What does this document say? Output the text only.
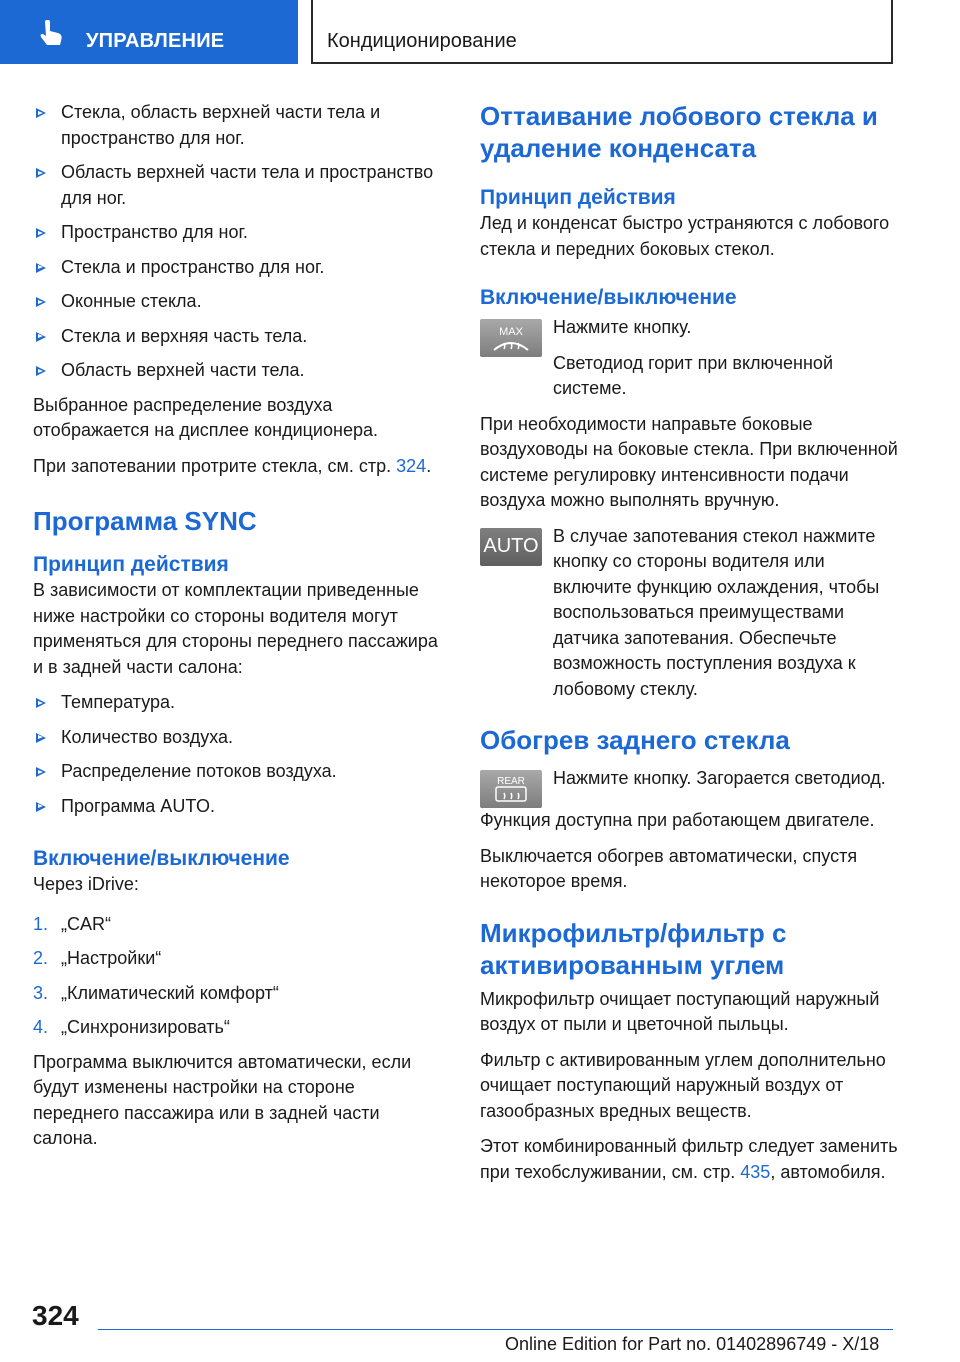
УПРАВЛЕНИЕ	Кондиционирование
Стекла, область верхней части тела и пространство для ног.
Область верхней части тела и пространство для ног.
Пространство для ног.
Стекла и пространство для ног.
Оконные стекла.
Стекла и верхняя часть тела.
Область верхней части тела.

Выбранное распределение воздуха отображается на дисплее кондиционера.

При запотевании протрите стекла, см. стр. 324.

Программа SYNC
Принцип действия

В зависимости от комплектации приведенные ниже настройки со стороны водителя могут применяться для стороны переднего пассажира и в задней части салона:

Температура.
Количество воздуха.
Распределение потоков воздуха.
Программа AUTO.
Включение/выключение

Через iDrive:

1. „CAR“
2. „Настройки“
3. „Климатический комфорт“
4. „Синхронизировать“

Программа выключится автоматически, если будут изменены настройки на стороне переднего пассажира или в задней части салона.

Оттаивание лобового стекла и удаление конденсата
Принцип действия

Лед и конденсат быстро устраняются с лобового стекла и передних боковых стекол.

Включение/выключение
MAX Нажмите кнопку.

Светодиод горит при включенной системе.

При необходимости направьте боковые воздуховоды на боковые стекла. При включенной системе регулировку интенсивности подачи воздуха можно выполнять вручную.

AUTO В случае запотевания стекол нажмите кнопку со стороны водителя или включите функцию охлаждения, чтобы воспользоваться преимуществами датчика запотевания. Обеспечьте возможность поступления воздуха к лобовому стеклу.

Обогрев заднего стекла
REAR Нажмите кнопку. Загорается светодиод.

Функция доступна при работающем двигателе.

Выключается обогрев автоматически, спустя некоторое время.

Микрофильтр/фильтр с активированным углем

Микрофильтр очищает поступающий наружный воздух от пыли и цветочной пыльцы.

Фильтр с активированным углем дополнительно очищает поступающий наружный воздух от газообразных вредных веществ.

Этот комбинированный фильтр следует заменить при техобслуживании, см. стр. 435, автомобиля.

324
Online Edition for Part no. 01402896749 - X/18
